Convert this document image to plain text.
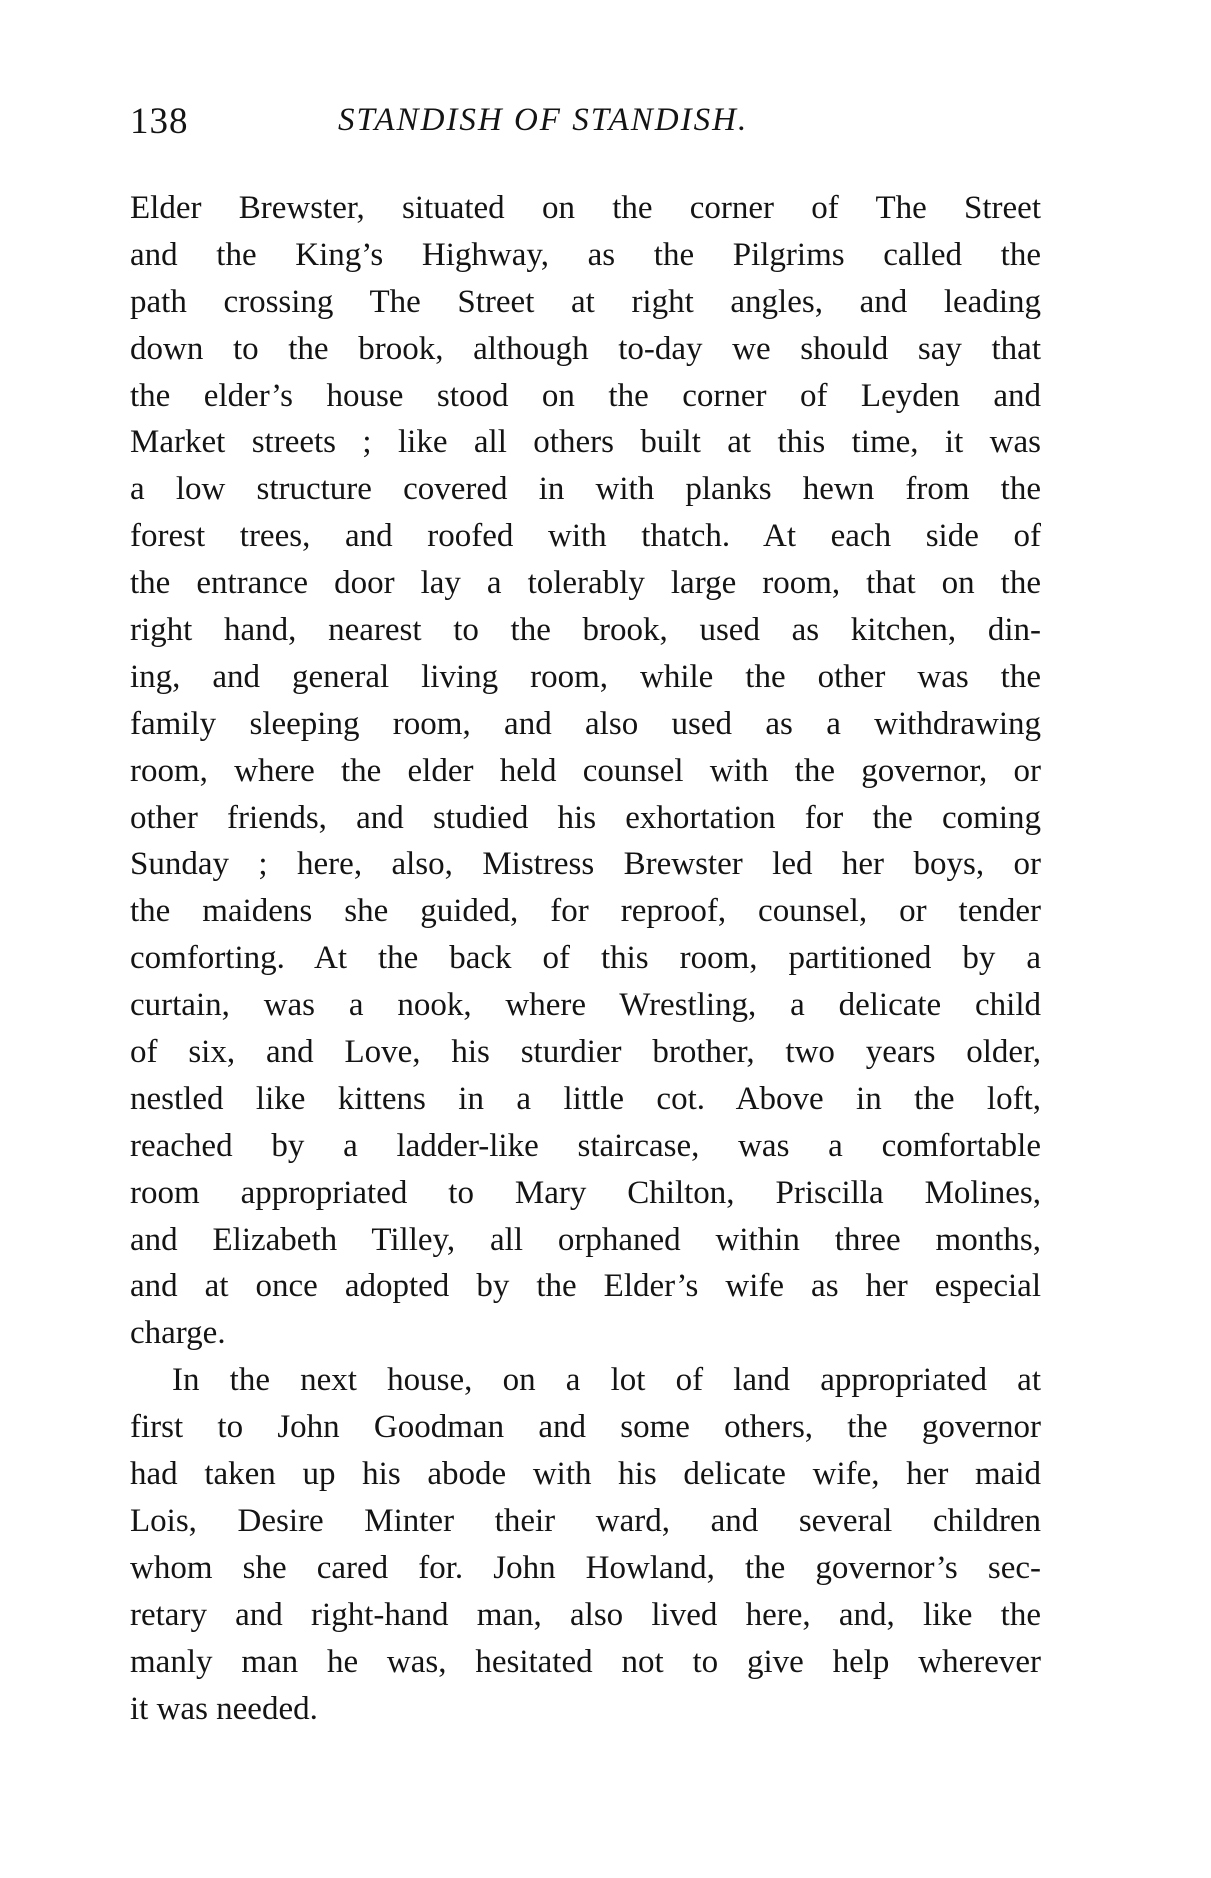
138	STANDISH OF STANDISH.
Elder Brewster, situated on the corner of The Street
and the King’s Highway, as the Pilgrims called the
path crossing The Street at right angles, and leading
down to the brook, although to-day we should say that
the elder’s house stood on the corner of Leyden and
Market streets ; like all others built at this time, it was
a low structure covered in with planks hewn from the
forest trees, and roofed with thatch. At each side of
the entrance door lay a tolerably large room, that on the
right hand, nearest to the brook, used as kitchen, din-
ing, and general living room, while the other was the
family sleeping room, and also used as a withdrawing
room, where the elder held counsel with the governor, or
other friends, and studied his exhortation for the coming
Sunday ; here, also, Mistress Brewster led her boys, or
the maidens she guided, for reproof, counsel, or tender
comforting. At the back of this room, partitioned by a
curtain, was a nook, where Wrestling, a delicate child
of six, and Love, his sturdier brother, two years older,
nestled like kittens in a little cot. Above in the loft,
reached by a ladder-like staircase, was a comfortable
room appropriated to Mary Chilton, Priscilla Molines,
and Elizabeth Tilley, all orphaned within three months,
and at once adopted by the Elder’s wife as her especial
charge.
In the next house, on a lot of land appropriated at
first to John Goodman and some others, the governor
had taken up his abode with his delicate wife, her maid
Lois, Desire Minter their ward, and several children
whom she cared for. John Howland, the governor’s sec-
retary and right-hand man, also lived here, and, like the
manly man he was, hesitated not to give help wherever
it was needed.
